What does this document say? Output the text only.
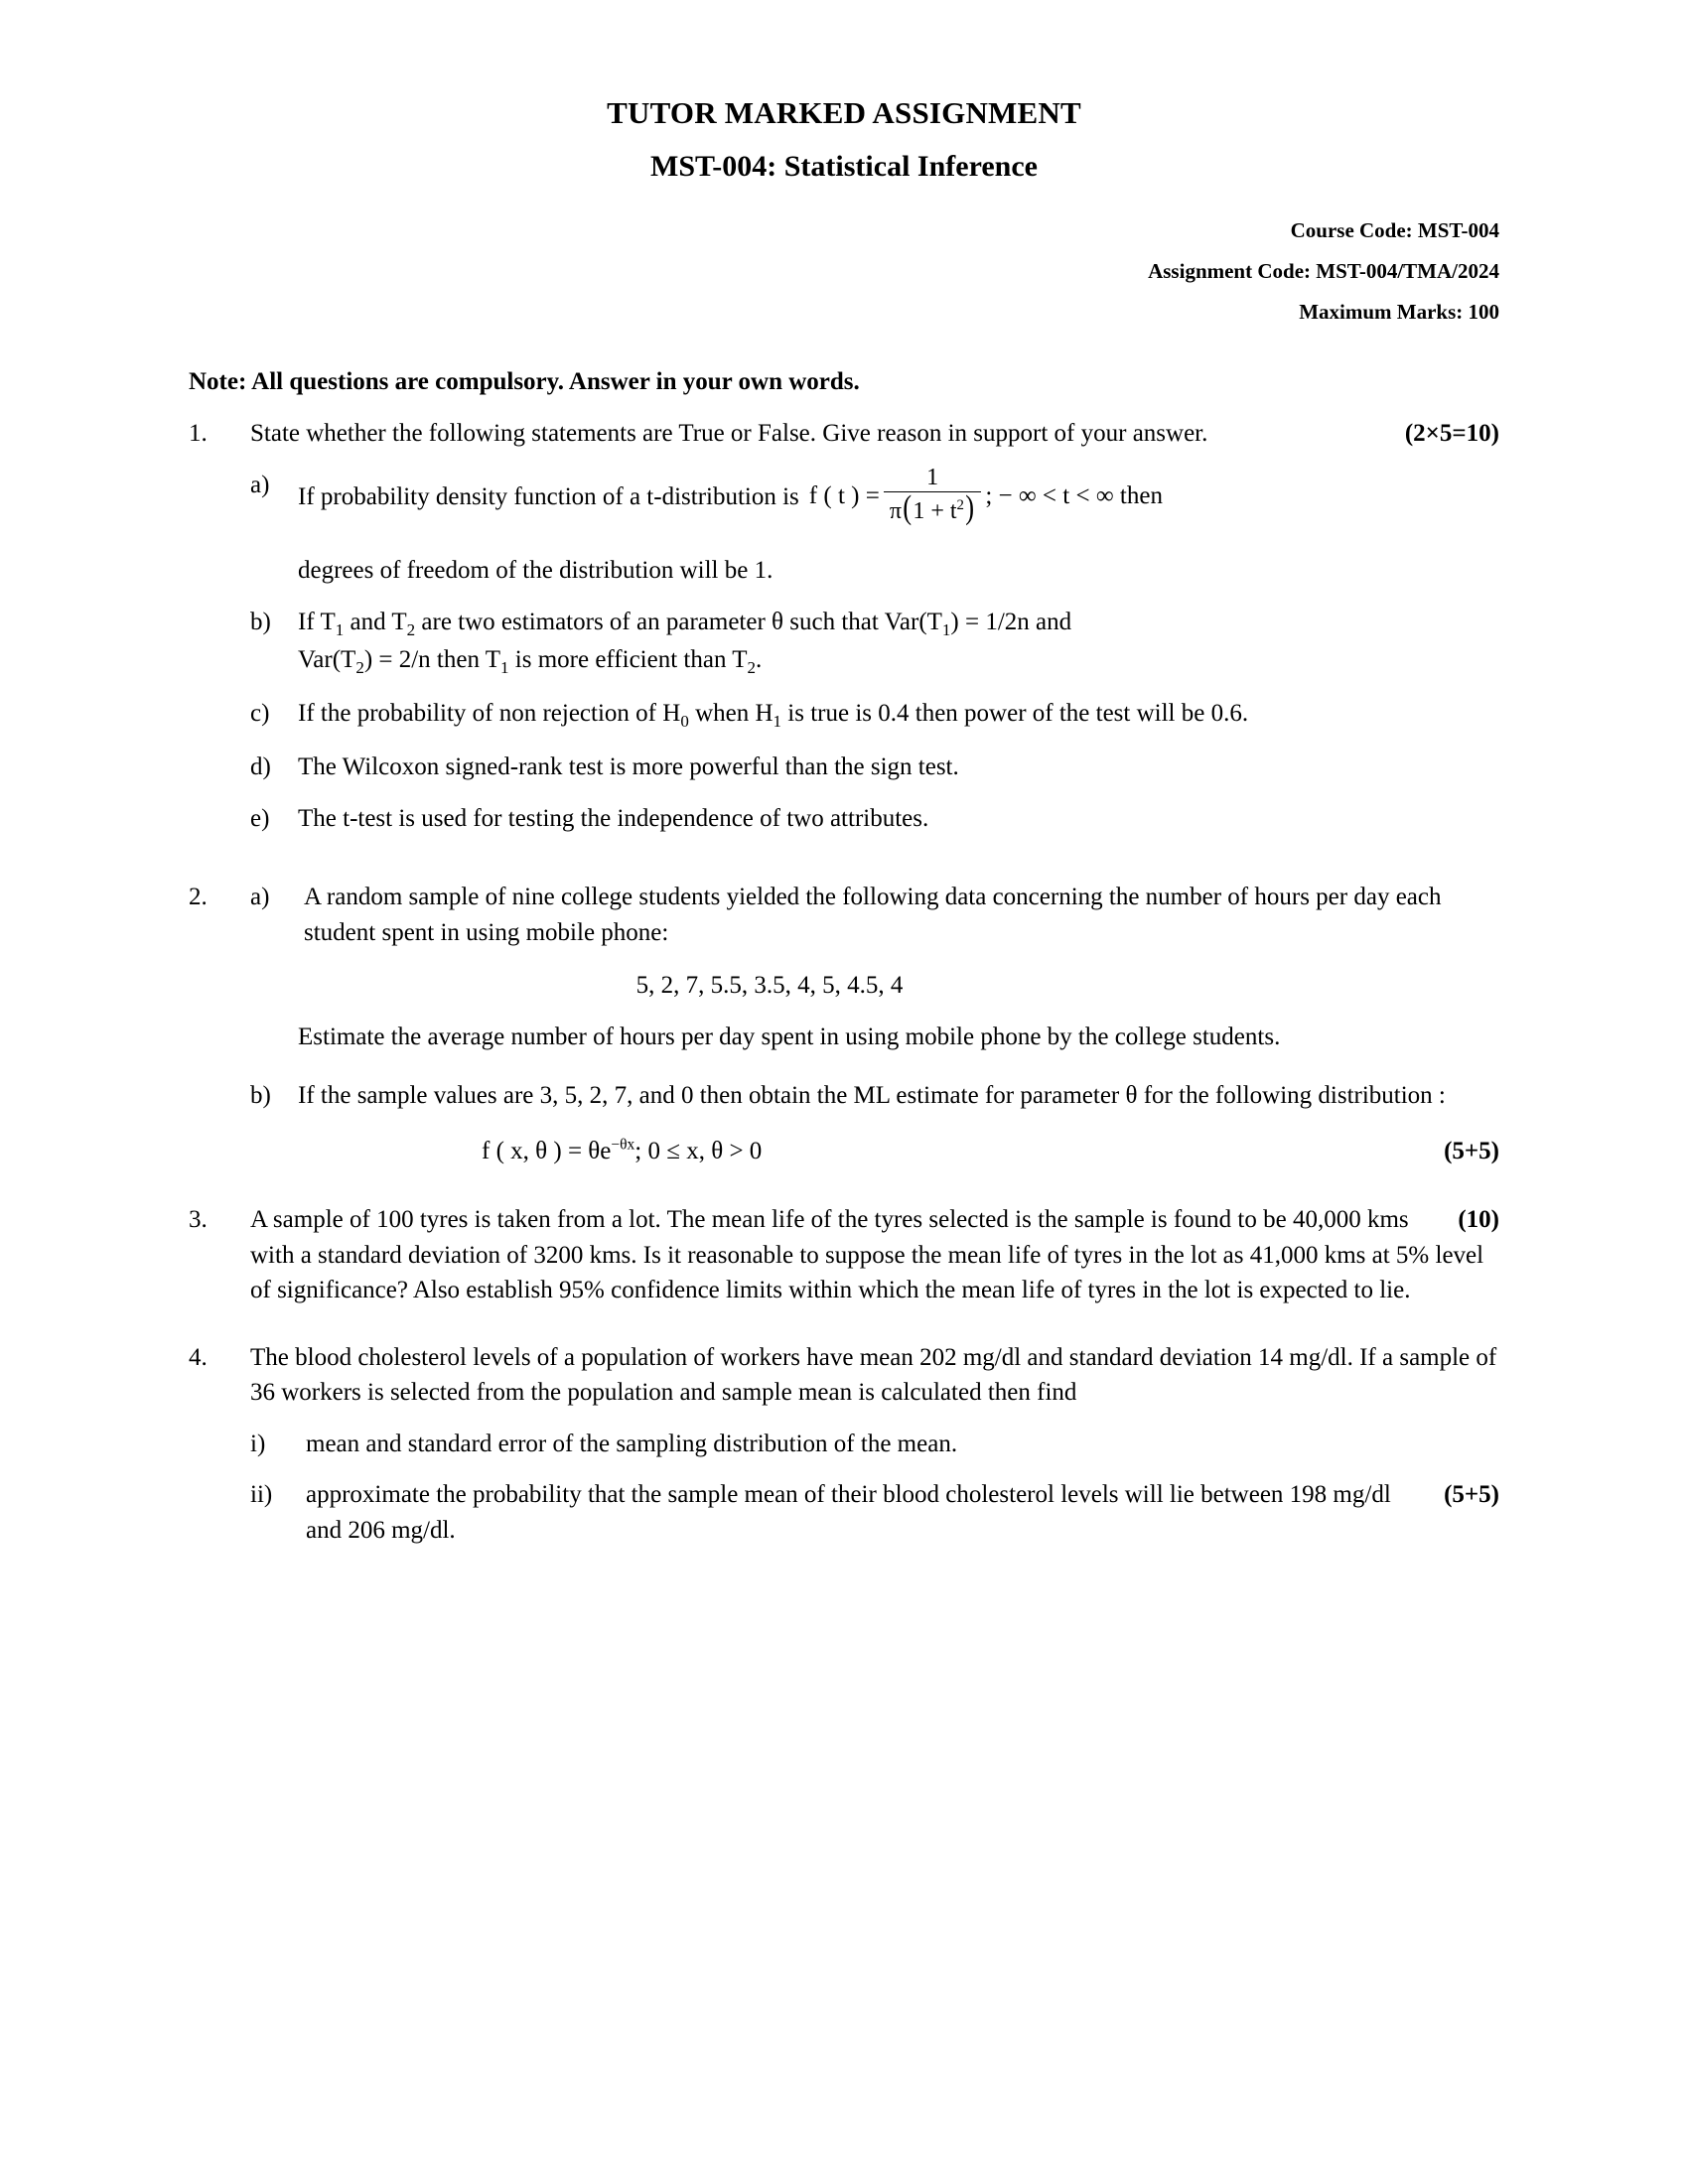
TUTOR MARKED ASSIGNMENT
MST-004: Statistical Inference
Course Code: MST-004
Assignment Code: MST-004/TMA/2024
Maximum Marks: 100
Note: All questions are compulsory. Answer in your own words.
1.	(2×5=10)
State whether the following statements are True or False. Give reason in support of your answer.
a)	If probability density function of a t-distribution is f ( t ) = $\frac{1}{\pi(1 + t^2)}$ ; − ∞ < t < ∞ then
degrees of freedom of the distribution will be 1.
b)	If $T_1$ and $T_2$ are two estimators of an parameter θ such that $Var(T_1) = 1/2n$ and
$Var(T_2) = 2/n$ then $T_1$ is more efficient than $T_2$.
c)	If the probability of non rejection of $H_0$ when $H_1$ is true is 0.4 then power of the test will be 0.6.
d)	The Wilcoxon signed-rank test is more powerful than the sign test.
e)	The t-test is used for testing the independence of two attributes.
2.	a)	A random sample of nine college students yielded the following data concerning the number of hours per day each student spent in using mobile phone:
5, 2, 7, 5.5, 3.5, 4, 5, 4.5, 4
Estimate the average number of hours per day spent in using mobile phone by the college students.
b)	If the sample values are 3, 5, 2, 7, and 0 then obtain the ML estimate for parameter θ for the following distribution :
f ( x, θ ) = $\theta e^{-\theta x}$; 0 ≤ x, θ > 0	(5+5)
3.	(10)
A sample of 100 tyres is taken from a lot. The mean life of the tyres selected is the sample is found to be 40,000 kms with a standard deviation of 3200 kms. Is it reasonable to suppose the mean life of tyres in the lot as 41,000 kms at 5% level of significance? Also establish 95% confidence limits within which the mean life of tyres in the lot is expected to lie.
4.	The blood cholesterol levels of a population of workers have mean 202 mg/dl and standard deviation 14 mg/dl. If a sample of 36 workers is selected from the population and sample mean is calculated then find
i)	mean and standard error of the sampling distribution of the mean.
ii)	(5+5)
approximate the probability that the sample mean of their blood cholesterol levels will lie between 198 mg/dl and 206 mg/dl.
